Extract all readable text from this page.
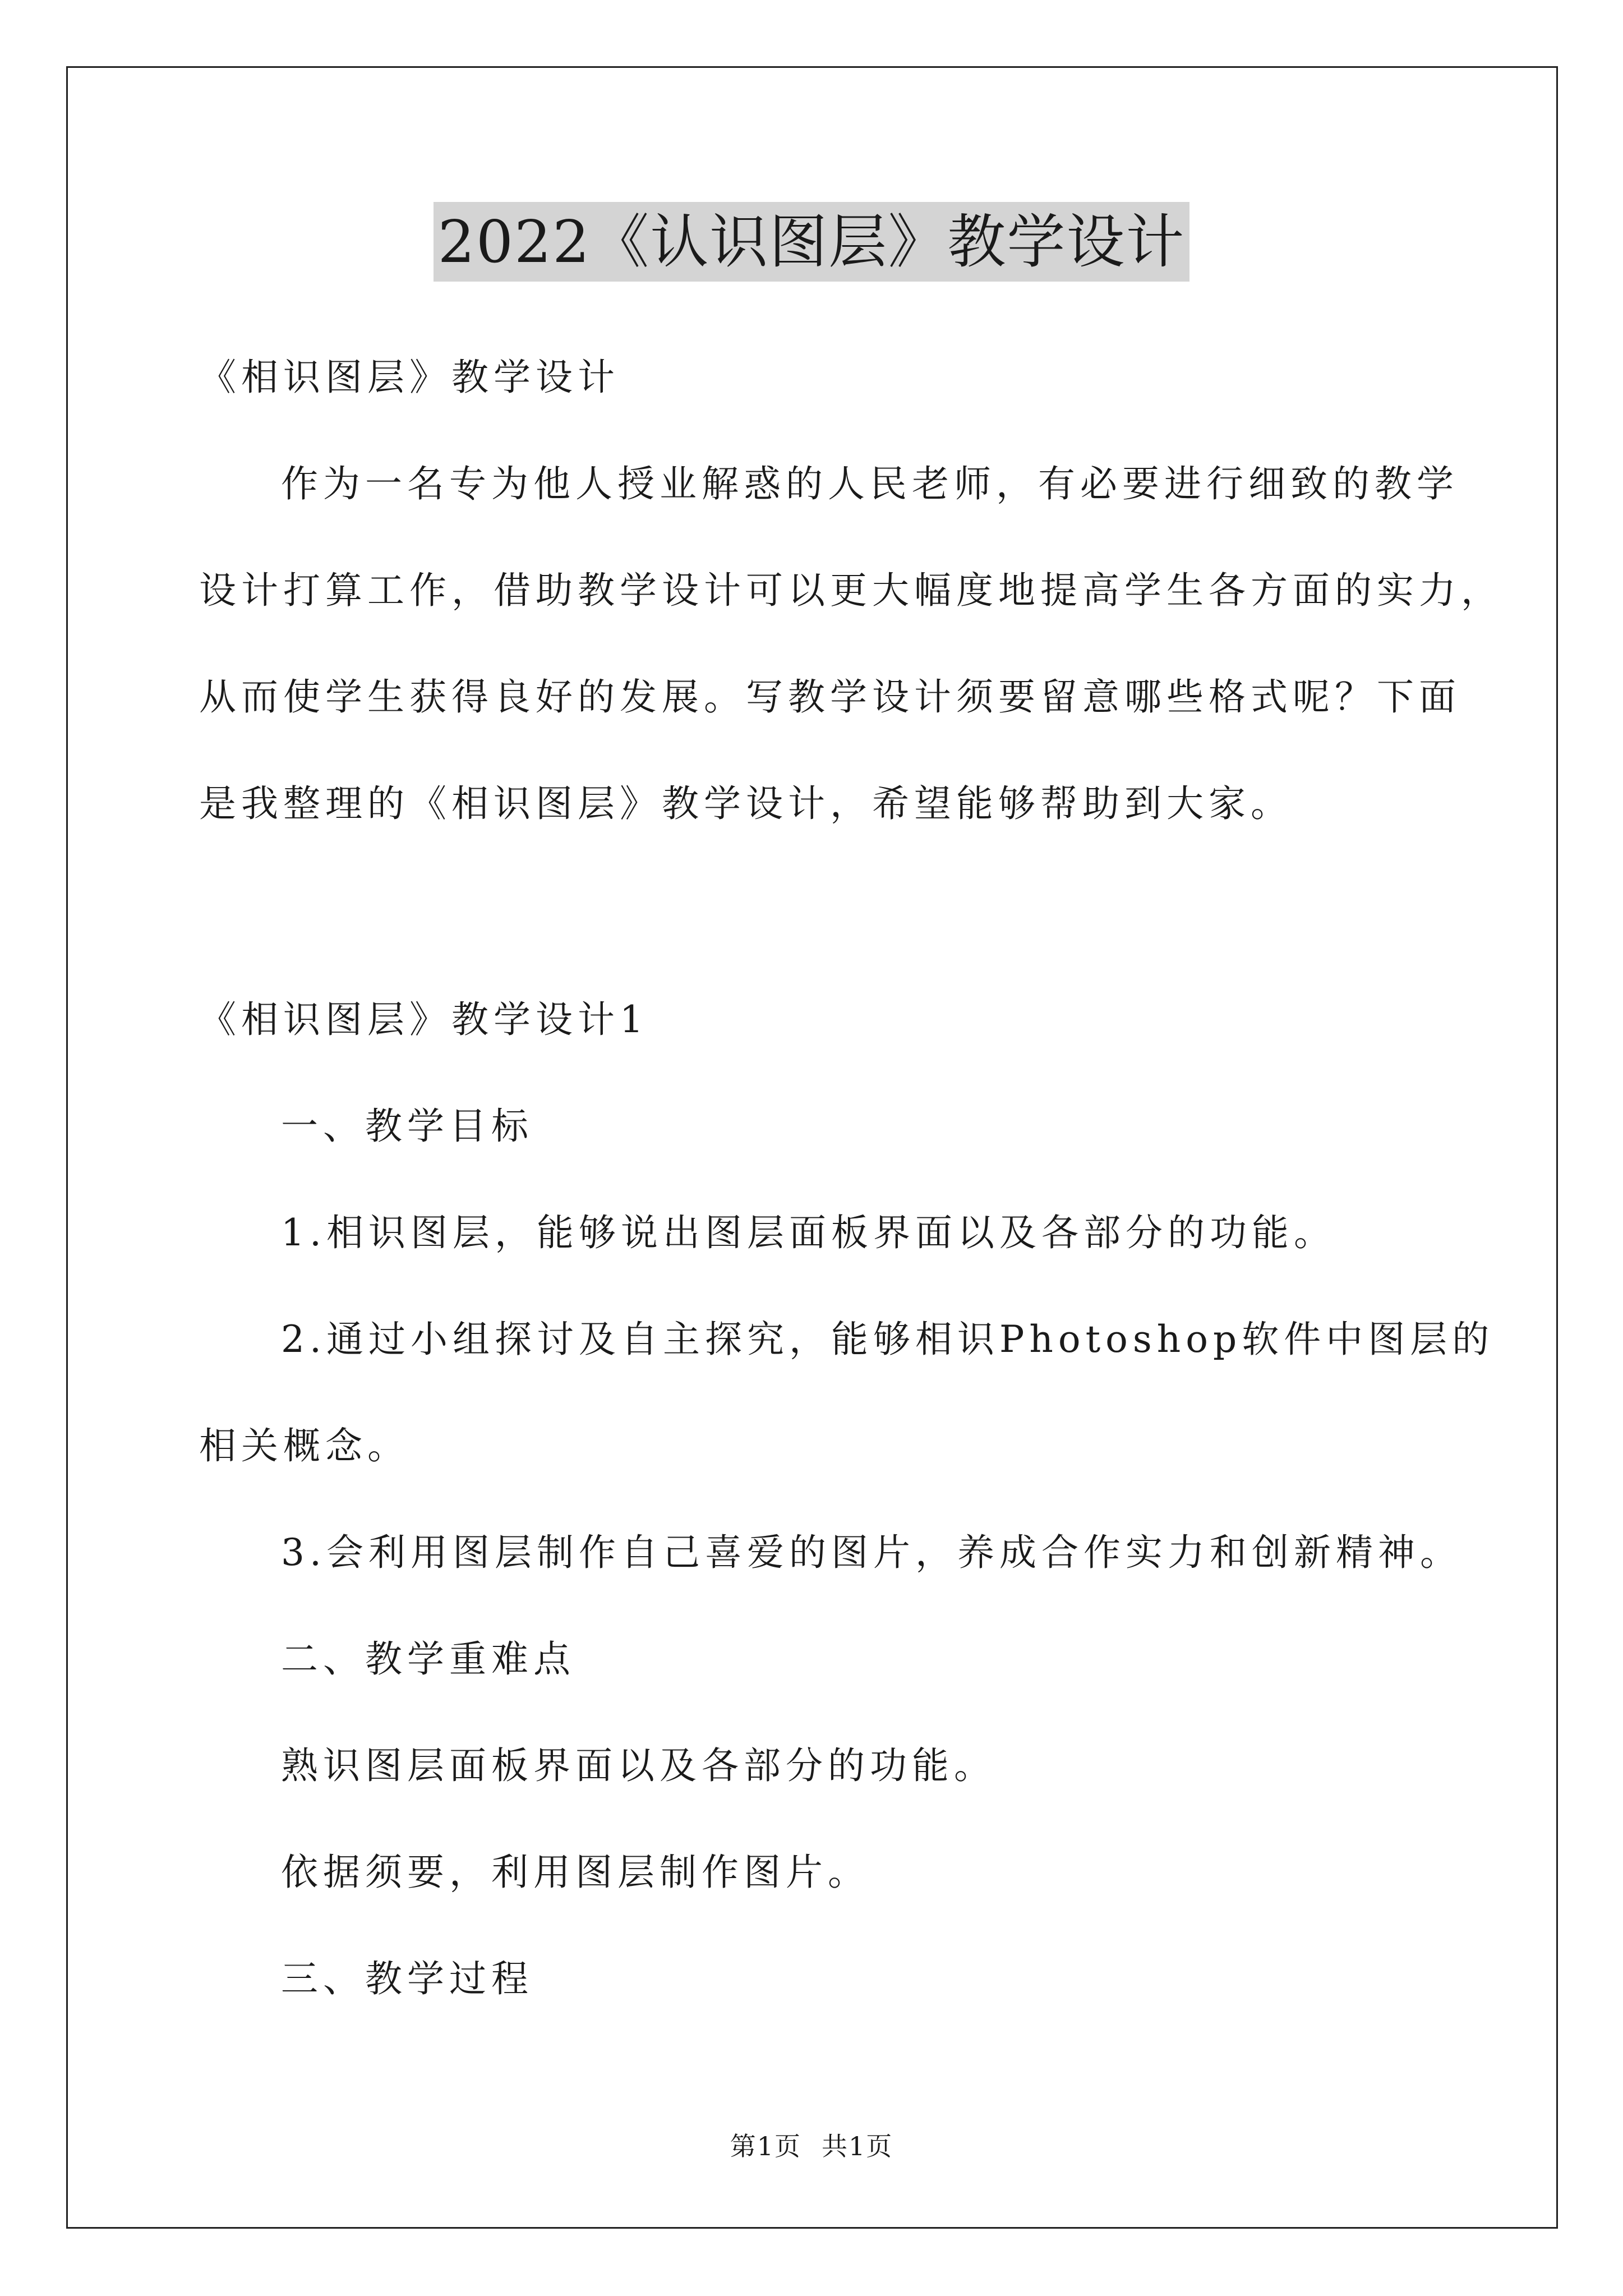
2022《认识图层》教学设计
《相识图层》教学设计
作为一名专为他人授业解惑的人民老师，有必要进行细致的教学
设计打算工作，借助教学设计可以更大幅度地提高学生各方面的实力，
从而使学生获得良好的发展。写教学设计须要留意哪些格式呢？下面
是我整理的《相识图层》教学设计，希望能够帮助到大家。
《相识图层》教学设计1
一、教学目标
1.相识图层，能够说出图层面板界面以及各部分的功能。
2.通过小组探讨及自主探究，能够相识Photoshop软件中图层的
相关概念。
3.会利用图层制作自己喜爱的图片，养成合作实力和创新精神。
二、教学重难点
熟识图层面板界面以及各部分的功能。
依据须要，利用图层制作图片。
三、教学过程
第1页 共1页
